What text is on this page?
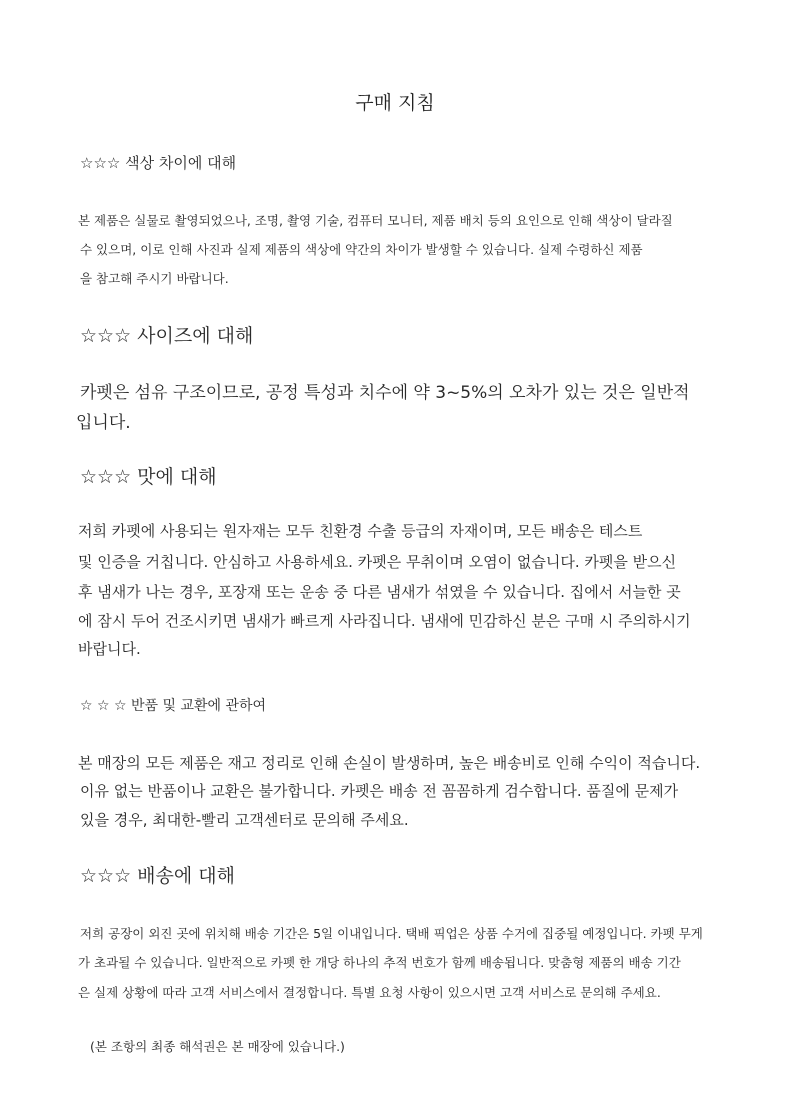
구매 지침
☆☆☆ 색상 차이에 대해
본 제품은 실물로 촬영되었으나, 조명, 촬영 기술, 컴퓨터 모니터, 제품 배치 등의 요인으로 인해 색상이 달라질
수 있으며, 이로 인해 사진과 실제 제품의 색상에 약간의 차이가 발생할 수 있습니다. 실제 수령하신 제품
을 참고해 주시기 바랍니다.
☆☆☆ 사이즈에 대해
카펫은 섬유 구조이므로, 공정 특성과 치수에 약 3~5%의 오차가 있는 것은 일반적
입니다.
☆☆☆ 맛에 대해
저희 카펫에 사용되는 원자재는 모두 친환경 수출 등급의 자재이며, 모든 배송은 테스트
및 인증을 거칩니다. 안심하고 사용하세요. 카펫은 무취이며 오염이 없습니다. 카펫을 받으신
후 냄새가 나는 경우, 포장재 또는 운송 중 다른 냄새가 섞였을 수 있습니다. 집에서 서늘한 곳
에 잠시 두어 건조시키면 냄새가 빠르게 사라집니다. 냄새에 민감하신 분은 구매 시 주의하시기
바랍니다.
☆ ☆ ☆ 반품 및 교환에 관하여
본 매장의 모든 제품은 재고 정리로 인해 손실이 발생하며, 높은 배송비로 인해 수익이 적습니다.
이유 없는 반품이나 교환은 불가합니다. 카펫은 배송 전 꼼꼼하게 검수합니다. 품질에 문제가
있을 경우, 최대한-빨리 고객센터로 문의해 주세요.
☆☆☆ 배송에 대해
저희 공장이 외진 곳에 위치해 배송 기간은 5일 이내입니다. 택배 픽업은 상품 수거에 집중될 예정입니다. 카펫 무게
가 초과될 수 있습니다. 일반적으로 카펫 한 개당 하나의 추적 번호가 함께 배송됩니다. 맞춤형 제품의 배송 기간
은 실제 상황에 따라 고객 서비스에서 결정합니다. 특별 요청 사항이 있으시면 고객 서비스로 문의해 주세요.
(본 조항의 최종 해석권은 본 매장에 있습니다.)
